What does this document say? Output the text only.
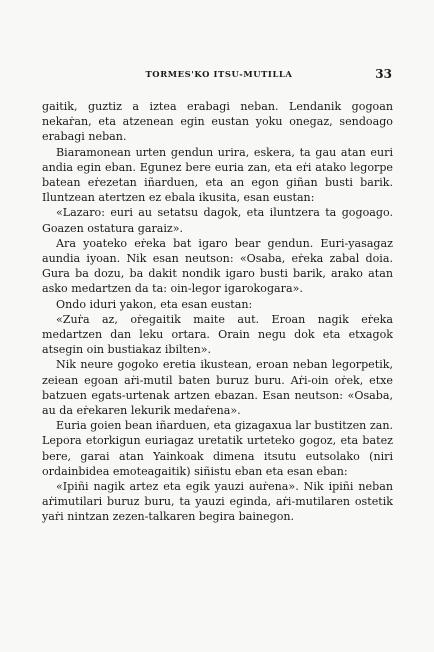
TORMES'KO ITSU-MUTILLA	33

gaitik, guztiz a iztea erabagi neban. Lendanik gogoan nekaṙan, eta atzenean egin eustan yoku onegaz, sendoago erabagi neban.

Biaramonean urten gendun urira, eskera, ta gau atan euri andia egin eban. Egunez bere euria zan, eta eṙi atako legorpe batean eṙezetan iñarduen, eta an egon giñan busti barik. Iluntzean atertzen ez ebala ikusita, esan eustan:

«Lazaro: euri au setatsu dagok, eta iluntzera ta gogoago. Goazen ostatura garaiz».

Ara yoateko eṙeka bat igaro bear gendun. Euri-yasagaz aundia iyoan. Nik esan neutson: «Osaba, eṙeka zabal doia. Gura ba dozu, ba dakit nondik igaro busti barik, arako atan asko medartzen da ta: oin-legor igarokogara».

Ondo iduri yakon, eta esan eustan:

«Zuṙa az, oṙegaitik maite aut. Eroan nagik eṙeka medartzen dan leku ortara. Orain negu dok eta etxagok atsegin oin bustiakaz ibilten».

Nik neure gogoko eretia ikustean, eroan neban legorpetik, zeiean egoan aṙi-mutil baten buruz buru. Aṙi-oin oṙek, etxe batzuen egats-urtenak artzen ebazan. Esan neutson: «Osaba, au da eṙekaren lekurik medaṙena».

Euria goien bean iñarduen, eta gizagaxua lar bustitzen zan. Lepora etorkigun euriagaz uretatik urteteko gogoz, eta batez bere, garai atan Yainkoak dimena itsutu eutsolako (niri ordainbidea emoteagaitik) siñistu eban eta esan eban:

«Ipiñi nagik artez eta egik yauzi auṙena». Nik ipiñi neban aṙimutilari buruz buru, ta yauzi eginda, aṙi-mutilaren ostetik yaṙi nintzan zezen-talkaren begira bainegon.
